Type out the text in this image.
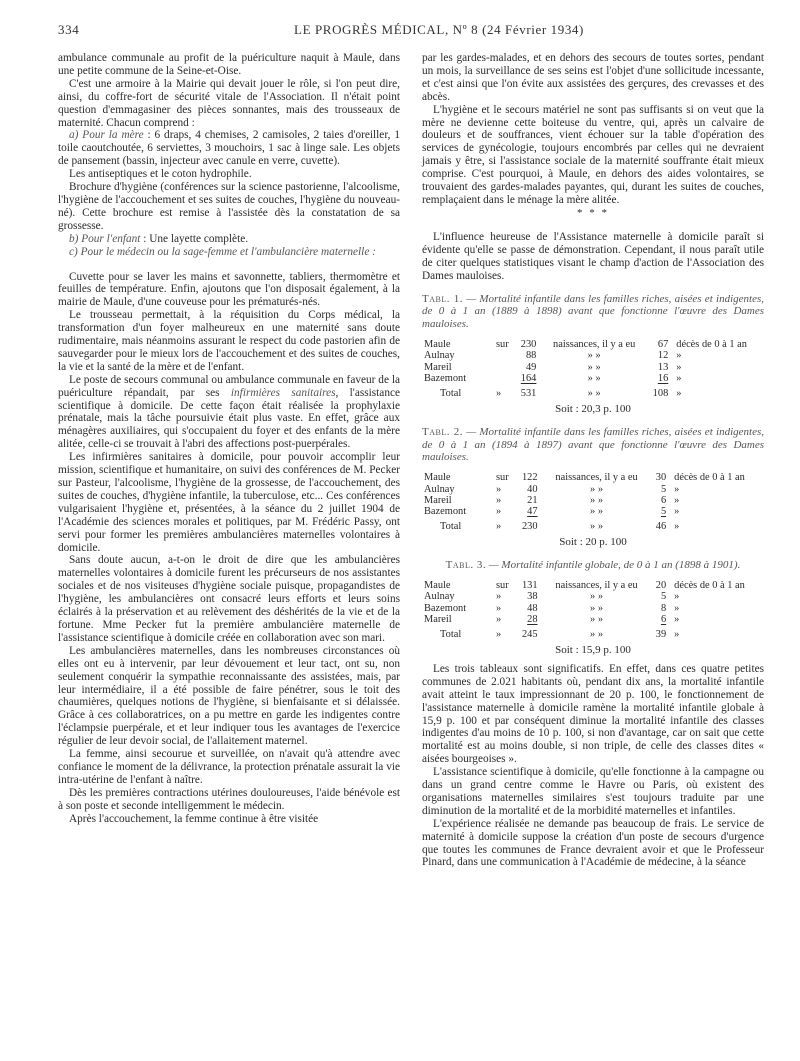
334	LE PROGRÈS MÉDICAL, Nº 8 (24 Février 1934)

ambulance communale au profit de la puériculture naquit à Maule, dans une petite commune de la Seine-et-Oise.

C'est une armoire à la Mairie qui devait jouer le rôle, si l'on peut dire, ainsi, du coffre-fort de sécurité vitale de l'Association. Il n'était point question d'emmagasiner des pièces sonnantes, mais des trousseaux de maternité. Chacun comprend :

a) Pour la mère : 6 draps, 4 chemises, 2 camisoles, 2 taies d'oreiller, 1 toile caoutchoutée, 6 serviettes, 3 mouchoirs, 1 sac à linge sale. Les objets de pansement (bassin, injecteur avec canule en verre, cuvette).

Les antiseptiques et le coton hydrophile.

Brochure d'hygiène (conférences sur la science pastorienne, l'alcoolisme, l'hygiène de l'accouchement et ses suites de couches, l'hygiène du nouveau-né). Cette brochure est remise à l'assistée dès la constatation de sa grossesse.

b) Pour l'enfant : Une layette complète.

c) Pour le médecin ou la sage-femme et l'ambulancière maternelle :

Cuvette pour se laver les mains et savonnette, tabliers, thermomètre et feuilles de température. Enfin, ajoutons que l'on disposait également, à la mairie de Maule, d'une couveuse pour les prématurés-nés.

Le trousseau permettait, à la réquisition du Corps médical, la transformation d'un foyer malheureux en une maternité sans doute rudimentaire, mais néanmoins assurant le respect du code pastorien afin de sauvegarder pour le mieux lors de l'accouchement et des suites de couches, la vie et la santé de la mère et de l'enfant.

Le poste de secours communal ou ambulance communale en faveur de la puériculture répandait, par ses infirmières sanitaires, l'assistance scientifique à domicile. De cette façon était réalisée la prophylaxie prénatale, mais la tâche poursuivie était plus vaste. En effet, grâce aux ménagères auxiliaires, qui s'occupaient du foyer et des enfants de la mère alitée, celle-ci se trouvait à l'abri des affections post-puerpérales.

Les infirmières sanitaires à domicile, pour pouvoir accomplir leur mission, scientifique et humanitaire, on suivi des conférences de M. Pecker sur Pasteur, l'alcoolisme, l'hygiène de la grossesse, de l'accouchement, des suites de couches, d'hygiène infantile, la tuberculose, etc... Ces conférences vulgarisaient l'hygiène et, présentées, à la séance du 2 juillet 1904 de l'Académie des sciences morales et politiques, par M. Frédéric Passy, ont servi pour former les premières ambulancières maternelles volontaires à domicile.

Sans doute aucun, a-t-on le droit de dire que les ambulancières maternelles volontaires à domicile furent les précurseurs de nos assistantes sociales et de nos visiteuses d'hygiène sociale puisque, propagandistes de l'hygiène, les ambulancières ont consacré leurs efforts et leurs soins éclairés à la préservation et au relèvement des déshérités de la vie et de la fortune. Mme Pecker fut la première ambulancière maternelle de l'assistance scientifique à domicile créée en collaboration avec son mari.

Les ambulancières maternelles, dans les nombreuses circonstances où elles ont eu à intervenir, par leur dévouement et leur tact, ont su, non seulement conquérir la sympathie reconnaissante des assistées, mais, par leur intermédiaire, il a été possible de faire pénétrer, sous le toit des chaumières, quelques notions de l'hygiène, si bienfaisante et si délaissée. Grâce à ces collaboratrices, on a pu mettre en garde les indigentes contre l'éclampsie puerpérale, et et leur indiquer tous les avantages de l'exercice régulier de leur devoir social, de l'allaitement maternel.

La femme, ainsi secourue et surveillée, on n'avait qu'à attendre avec confiance le moment de la délivrance, la protection prénatale assurait la vie intra-utérine de l'enfant à naître.

Dès les premières contractions utérines douloureuses, l'aide bénévole est à son poste et seconde intelligemment le médecin.

Après l'accouchement, la femme continue à être visitée

par les gardes-malades, et en dehors des secours de toutes sortes, pendant un mois, la surveillance de ses seins est l'objet d'une sollicitude incessante, et c'est ainsi que l'on évite aux assistées des gerçures, des crevasses et des abcès.

L'hygiène et le secours matériel ne sont pas suffisants si on veut que la mère ne devienne cette boiteuse du ventre, qui, après un calvaire de douleurs et de souffrances, vient échouer sur la table d'opération des services de gynécologie, toujours encombrés par celles qui ne devraient jamais y être, si l'assistance sociale de la maternité souffrante était mieux comprise. C'est pourquoi, à Maule, en dehors des aides volontaires, se trouvaient des gardes-malades payantes, qui, durant les suites de couches, remplaçaient dans le ménage la mère alitée.

* * *

L'influence heureuse de l'Assistance maternelle à domicile paraît si évidente qu'elle se passe de démonstration. Cependant, il nous paraît utile de citer quelques statistiques visant le champ d'action de l'Association des Dames mauloises.

Tabl. 1. — Mortalité infantile dans les familles riches, aisées et indigentes, de 0 à 1 an (1889 à 1898) avant que fonctionne l'œuvre des Dames mauloises.

Maule	sur	230	naissances, il y a eu	67	décès de 0 à 1 an
Aulnay		88	» »	12	»
Mareil		49	» »	13	»
Bazemont		164	» »	16	»
Total	»	531	» »	108	»
Soit : 20,3 p. 100

Tabl. 2. — Mortalité infantile dans les familles riches, aisées et indigentes, de 0 à 1 an (1894 à 1897) avant que fonctionne l'œuvre des Dames mauloises.

Maule	sur	122	naissances, il y a eu	30	décès de 0 à 1 an
Aulnay	»	40	» »	5	»
Mareil	»	21	» »	6	»
Bazemont	»	47	» »	5	»
Total	»	230	» »	46	»
Soit : 20 p. 100

Tabl. 3. — Mortalité infantile globale, de 0 à 1 an (1898 à 1901).

Maule	sur	131	naissances, il y a eu	20	décès de 0 à 1 an
Aulnay	»	38	» »	5	»
Bazemont	»	48	» »	8	»
Mareil	»	28	» »	6	»
Total	»	245	» »	39	»
Soit : 15,9 p. 100

Les trois tableaux sont significatifs. En effet, dans ces quatre petites communes de 2.021 habitants où, pendant dix ans, la mortalité infantile avait atteint le taux impressionnant de 20 p. 100, le fonctionnement de l'assistance maternelle à domicile ramène la mortalité infantile globale à 15,9 p. 100 et par conséquent diminue la mortalité infantile des classes indigentes d'au moins de 10 p. 100, si non d'avantage, car on sait que cette mortalité est au moins double, si non triple, de celle des classes dites « aisées bourgeoises ».

L'assistance scientifique à domicile, qu'elle fonctionne à la campagne ou dans un grand centre comme le Havre ou Paris, où existent des organisations maternelles similaires s'est toujours traduite par une diminution de la mortalité et de la morbidité maternelles et infantiles.

L'expérience réalisée ne demande pas beaucoup de frais. Le service de maternité à domicile suppose la création d'un poste de secours d'urgence que toutes les communes de France devraient avoir et que le Professeur Pinard, dans une communication à l'Académie de médecine, à la séance
